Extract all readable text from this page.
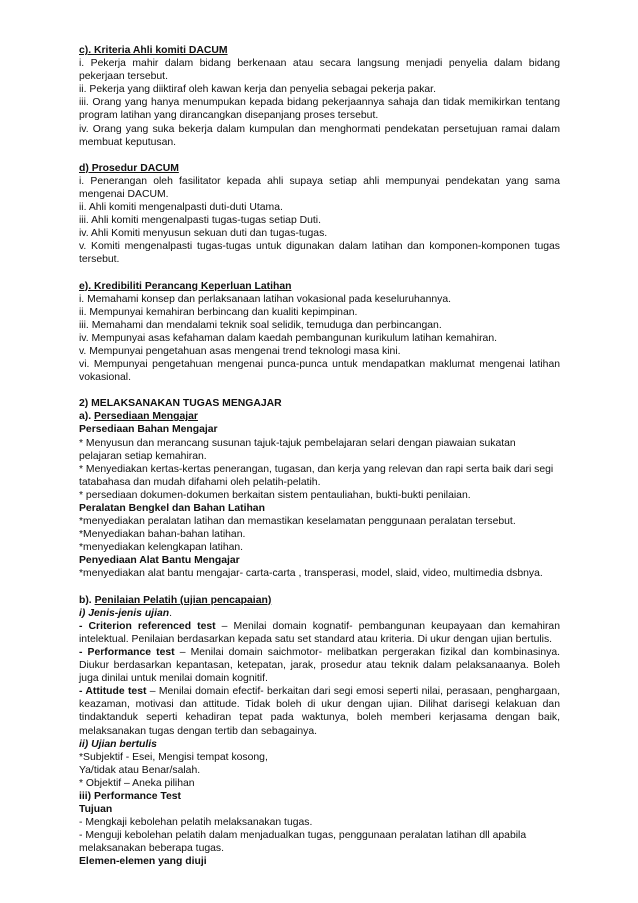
c). Kriteria Ahli komiti DACUM

i. Pekerja mahir dalam bidang berkenaan atau secara langsung menjadi penyelia dalam bidang pekerjaan tersebut.

ii. Pekerja yang diiktiraf oleh kawan kerja dan penyelia sebagai pekerja pakar.

iii. Orang yang hanya menumpukan kepada bidang pekerjaannya sahaja dan tidak memikirkan tentang program latihan yang dirancangkan disepanjang proses tersebut.

iv. Orang yang suka bekerja dalam kumpulan dan menghormati pendekatan persetujuan ramai dalam membuat keputusan.

d) Prosedur DACUM

i. Penerangan oleh fasilitator kepada ahli supaya setiap ahli mempunyai pendekatan yang sama mengenai DACUM.

ii. Ahli komiti mengenalpasti duti-duti Utama.

iii. Ahli komiti mengenalpasti tugas-tugas setiap Duti.

iv. Ahli Komiti menyusun sekuan duti dan tugas-tugas.

v. Komiti mengenalpasti tugas-tugas untuk digunakan dalam latihan dan komponen-komponen tugas tersebut.

e). Kredibiliti Perancang Keperluan Latihan

i. Memahami konsep dan perlaksanaan latihan vokasional pada keseluruhannya.

ii. Mempunyai kemahiran berbincang dan kualiti kepimpinan.

iii. Memahami dan mendalami teknik soal selidik, temuduga dan perbincangan.

iv. Mempunyai asas kefahaman dalam kaedah pembangunan kurikulum latihan kemahiran.

v. Mempunyai pengetahuan asas mengenai trend teknologi masa kini.

vi. Mempunyai pengetahuan mengenai punca-punca untuk mendapatkan maklumat mengenai latihan vokasional.

2) MELAKSANAKAN TUGAS MENGAJAR

a). Persediaan Mengajar

Persediaan Bahan Mengajar

* Menyusun dan merancang susunan tajuk-tajuk pembelajaran selari dengan piawaian sukatan pelajaran setiap kemahiran.

* Menyediakan kertas-kertas penerangan, tugasan, dan kerja yang relevan dan rapi serta baik dari segi tatabahasa dan mudah difahami oleh pelatih-pelatih.

* persediaan dokumen-dokumen berkaitan sistem pentauliahan, bukti-bukti penilaian.

Peralatan Bengkel dan Bahan Latihan

*menyediakan peralatan latihan dan memastikan keselamatan penggunaan peralatan tersebut.

*Menyediakan bahan-bahan latihan.

*menyediakan kelengkapan latihan.

Penyediaan Alat Bantu Mengajar

*menyediakan alat bantu mengajar- carta-carta , transperasi, model, slaid, video, multimedia dsbnya.

b). Penilaian Pelatih (ujian pencapaian)

i) Jenis-jenis ujian.

- Criterion referenced test – Menilai domain kognatif- pembangunan keupayaan dan kemahiran intelektual. Penilaian berdasarkan kepada satu set standard atau kriteria. Di ukur dengan ujian bertulis.

- Performance test – Menilai domain saichmotor- melibatkan pergerakan fizikal dan kombinasinya. Diukur berdasarkan kepantasan, ketepatan, jarak, prosedur atau teknik dalam pelaksanaanya. Boleh juga dinilai untuk menilai domain kognitif.

- Attitude test – Menilai domain efectif- berkaitan dari segi emosi seperti nilai, perasaan, penghargaan, keazaman, motivasi dan attitude. Tidak boleh di ukur dengan ujian. Dilihat darisegi kelakuan dan tindaktanduk seperti kehadiran tepat pada waktunya, boleh memberi kerjasama dengan baik, melaksanakan tugas dengan tertib dan sebagainya.

ii) Ujian bertulis

*Subjektif - Esei, Mengisi tempat kosong,

Ya/tidak atau Benar/salah.

* Objektif – Aneka pilihan

iii) Performance Test

Tujuan

- Mengkaji kebolehan pelatih melaksanakan tugas.

- Menguji kebolehan pelatih dalam menjadualkan tugas, penggunaan peralatan latihan dll apabila melaksanakan beberapa tugas.

Elemen-elemen yang diuji
